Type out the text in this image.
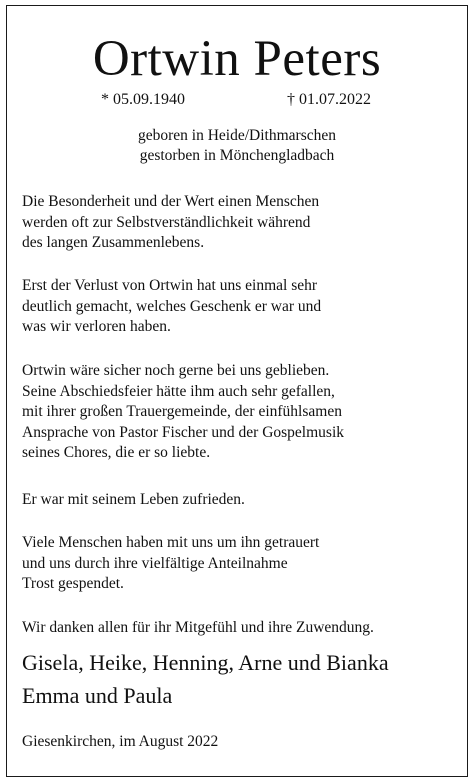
Ortwin Peters
* 05.09.1940	† 01.07.2022
geboren in Heide/Dithmarschen
gestorben in Mönchengladbach
Die Besonderheit und der Wert einen Menschen
werden oft zur Selbstverständlichkeit während
des langen Zusammenlebens.
Erst der Verlust von Ortwin hat uns einmal sehr
deutlich gemacht, welches Geschenk er war und
was wir verloren haben.
Ortwin wäre sicher noch gerne bei uns geblieben.
Seine Abschiedsfeier hätte ihm auch sehr gefallen,
mit ihrer großen Trauergemeinde, der einfühlsamen
Ansprache von Pastor Fischer und der Gospelmusik
seines Chores, die er so liebte.
Er war mit seinem Leben zufrieden.
Viele Menschen haben mit uns um ihn getrauert
und uns durch ihre vielfältige Anteilnahme
Trost gespendet.
Wir danken allen für ihr Mitgefühl und ihre Zuwendung.
Gisela, Heike, Henning, Arne und Bianka
Emma und Paula
Giesenkirchen, im August 2022
